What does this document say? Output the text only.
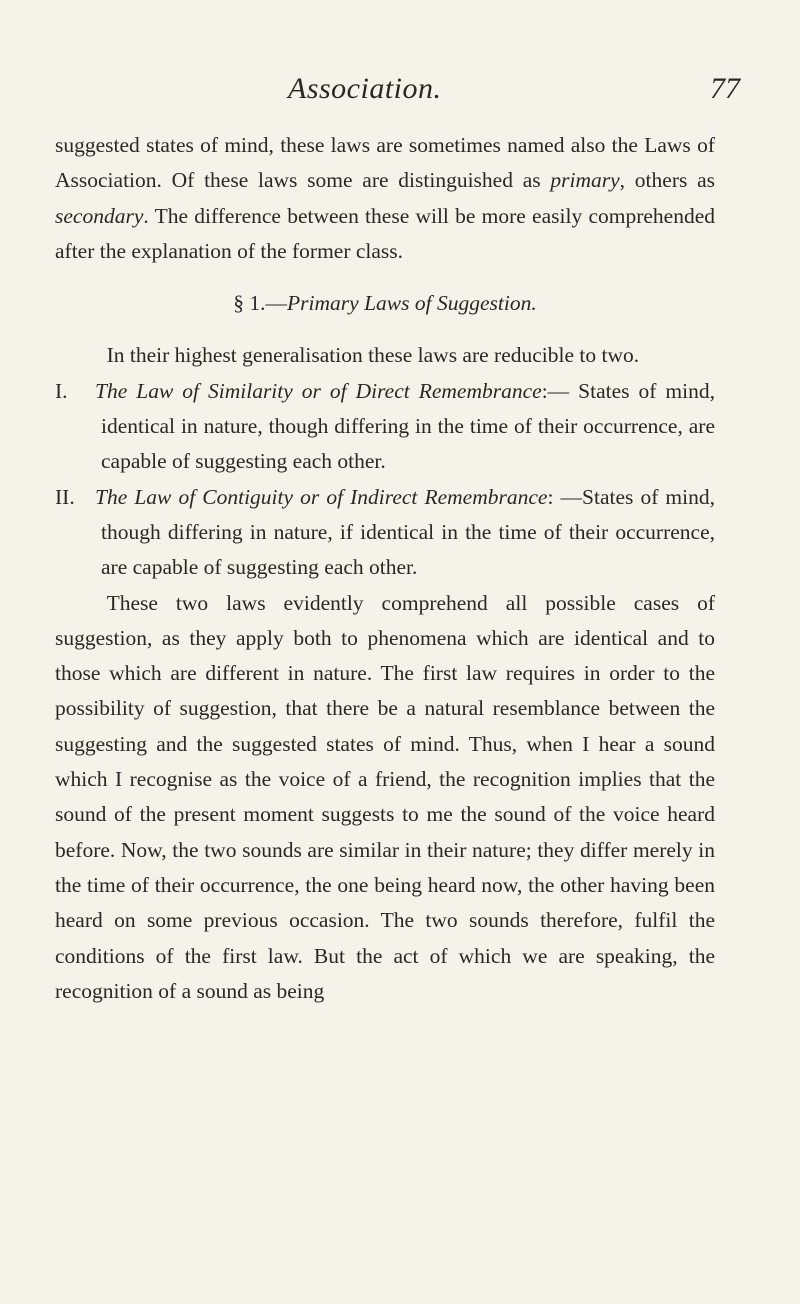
Association.	77

suggested states of mind, these laws are sometimes named also the Laws of Association. Of these laws some are distinguished as primary, others as secondary. The difference between these will be more easily comprehended after the explanation of the former class.

§ 1.—Primary Laws of Suggestion.

In their highest generalisation these laws are reducible to two.

I. The Law of Similarity or of Direct Remembrance:— States of mind, identical in nature, though differing in the time of their occurrence, are capable of suggesting each other.

II. The Law of Contiguity or of Indirect Remembrance: —States of mind, though differing in nature, if identical in the time of their occurrence, are capable of suggesting each other.

These two laws evidently comprehend all possible cases of suggestion, as they apply both to phenomena which are identical and to those which are different in nature. The first law requires in order to the possibility of suggestion, that there be a natural resemblance between the suggesting and the suggested states of mind. Thus, when I hear a sound which I recognise as the voice of a friend, the recognition implies that the sound of the present moment suggests to me the sound of the voice heard before. Now, the two sounds are similar in their nature; they differ merely in the time of their occurrence, the one being heard now, the other having been heard on some previous occasion. The two sounds therefore, fulfil the conditions of the first law. But the act of which we are speaking, the recognition of a sound as being
